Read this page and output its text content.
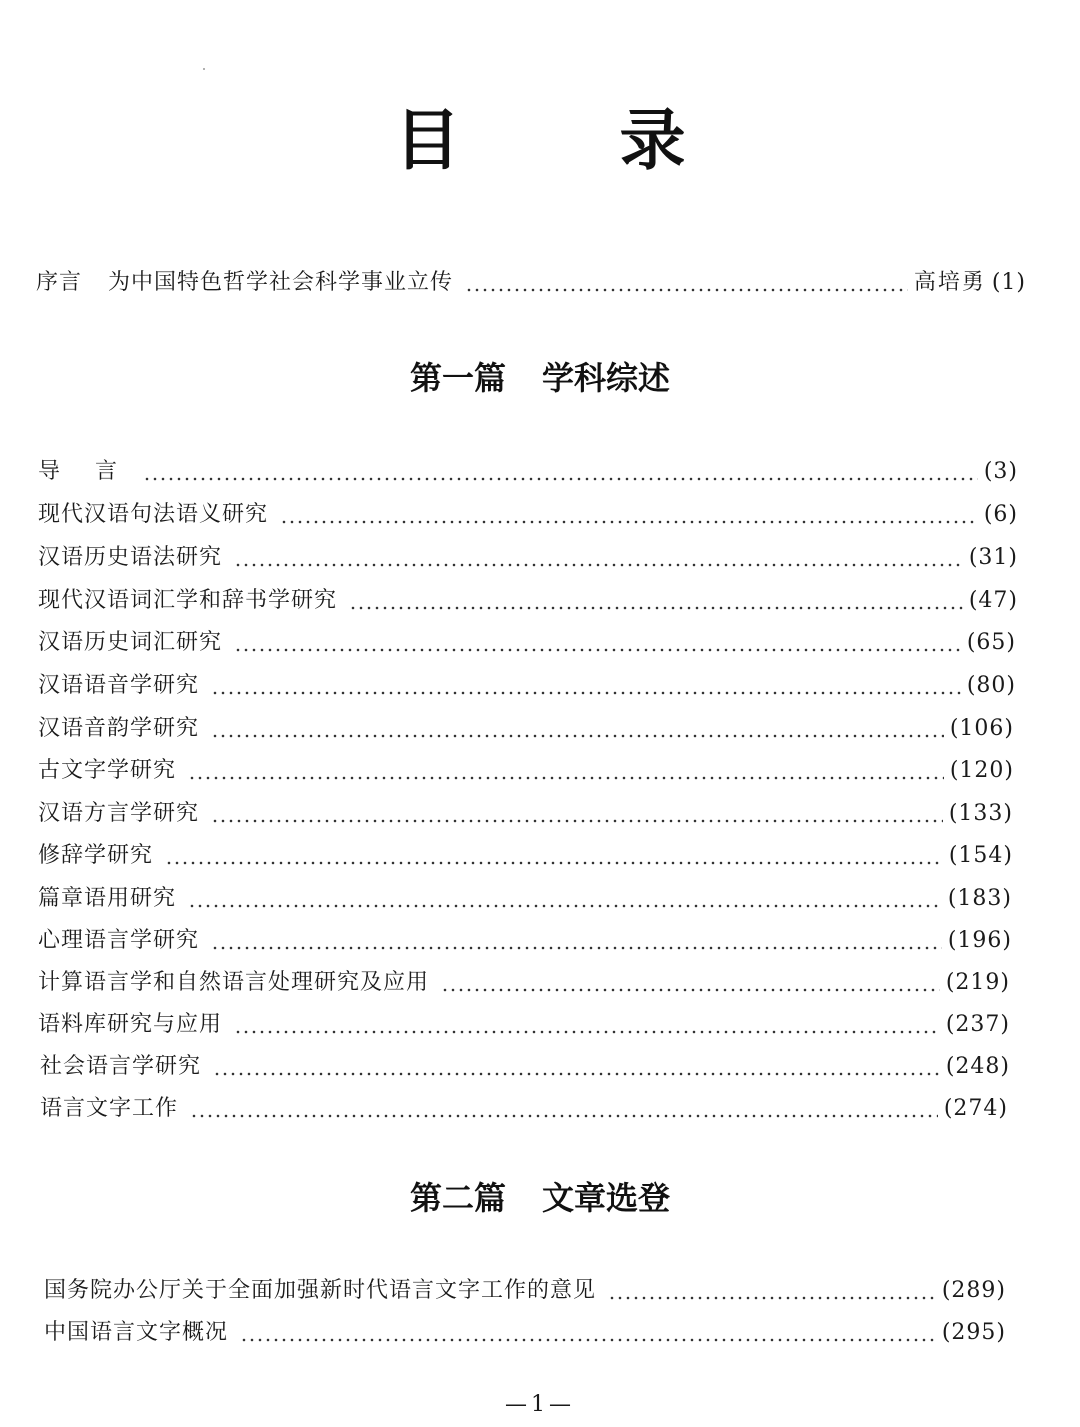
目 录
序言 为中国特色哲学社会科学事业立传	高培勇 (1)
第一篇 学科综述
导 言	(3)
现代汉语句法语义研究	(6)
汉语历史语法研究	(31)
现代汉语词汇学和辞书学研究	(47)
汉语历史词汇研究	(65)
汉语语音学研究	(80)
汉语音韵学研究	(106)
古文字学研究	(120)
汉语方言学研究	(133)
修辞学研究	(154)
篇章语用研究	(183)
心理语言学研究	(196)
计算语言学和自然语言处理研究及应用	(219)
语料库研究与应用	(237)
社会语言学研究	(248)
语言文字工作	(274)
第二篇 文章选登
国务院办公厅关于全面加强新时代语言文字工作的意见	(289)
中国语言文字概况	(295)
—1—
